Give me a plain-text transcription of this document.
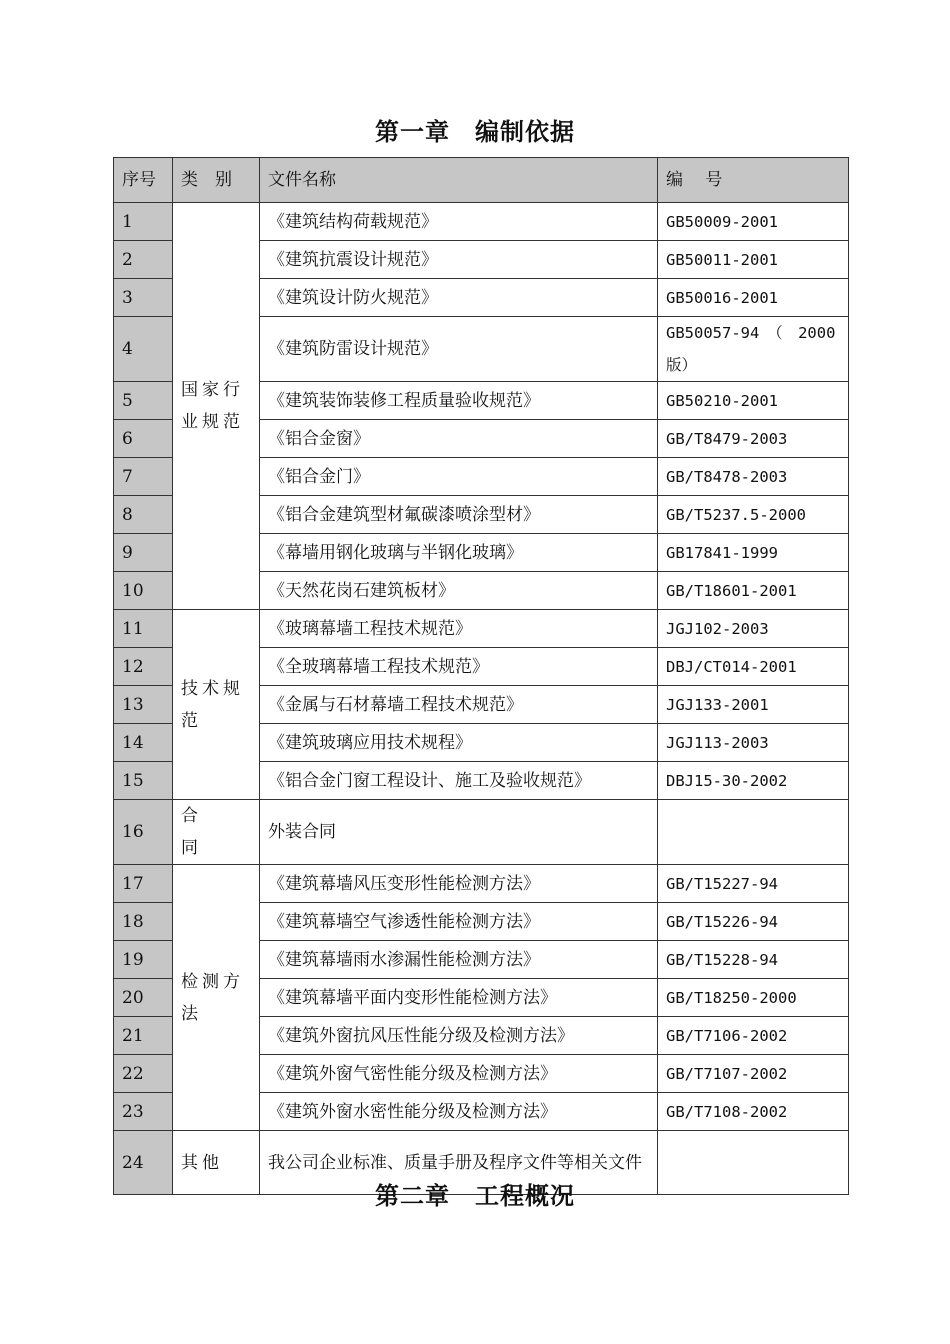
第一章　编制依据
序号	类　别	文件名称	编　 号
1	国家行业规范	《建筑结构荷载规范》	GB50009-2001
2		《建筑抗震设计规范》	GB50011-2001
3		《建筑设计防火规范》	GB50016-2001
4		《建筑防雷设计规范》	GB50057-94　（　2000版）
5		《建筑装饰装修工程质量验收规范》	GB50210-2001
6		《铝合金窗》	GB/T8479-2003
7		《铝合金门》	GB/T8478-2003
8		《铝合金建筑型材氟碳漆喷涂型材》	GB/T5237.5-2000
9		《幕墙用钢化玻璃与半钢化玻璃》	GB17841-1999
10		《天然花岗石建筑板材》	GB/T18601-2001
11	技术规范	《玻璃幕墙工程技术规范》	JGJ102-2003
12		《全玻璃幕墙工程技术规范》	DBJ/CT014-2001
13		《金属与石材幕墙工程技术规范》	JGJ133-2001
14		《建筑玻璃应用技术规程》	JGJ113-2003
15		《铝合金门窗工程设计、施工及验收规范》	DBJ15-30-2002
16	合　 同	外装合同	
17	检测方法	《建筑幕墙风压变形性能检测方法》	GB/T15227-94
18		《建筑幕墙空气渗透性能检测方法》	GB/T15226-94
19		《建筑幕墙雨水渗漏性能检测方法》	GB/T15228-94
20		《建筑幕墙平面内变形性能检测方法》	GB/T18250-2000
21		《建筑外窗抗风压性能分级及检测方法》	GB/T7106-2002
22		《建筑外窗气密性能分级及检测方法》	GB/T7107-2002
23		《建筑外窗水密性能分级及检测方法》	GB/T7108-2002
24	其他	我公司企业标准、质量手册及程序文件等相关文件	
第二章　工程概况
